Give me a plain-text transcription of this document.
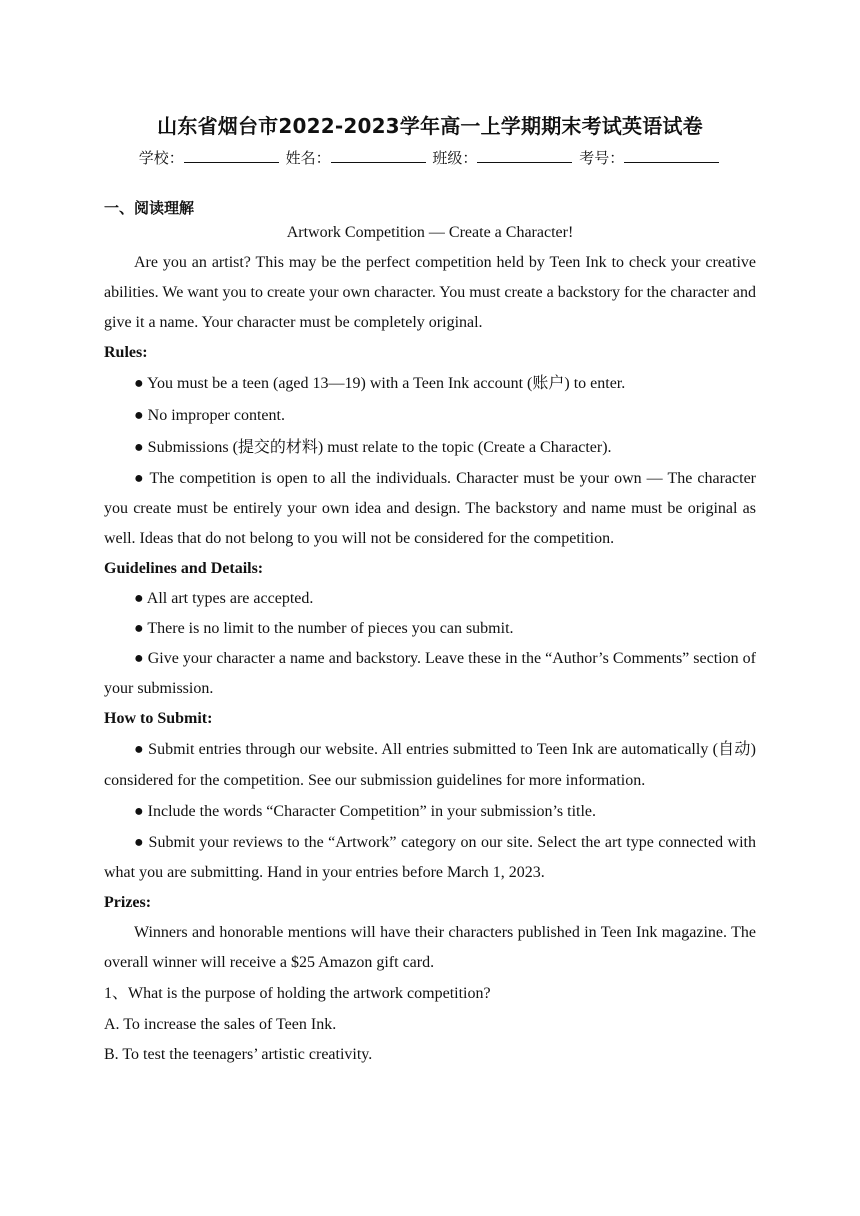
山东省烟台市2022-2023学年高一上学期期末考试英语试卷
学校：	姓名：	班级：	考号：
一、阅读理解

Artwork Competition — Create a Character!

Are you an artist? This may be the perfect competition held by Teen Ink to check your creative abilities. We want you to create your own character. You must create a backstory for the character and give it a name. Your character must be completely original.

Rules:

● You must be a teen (aged 13—19) with a Teen Ink account (账户) to enter.

● No improper content.

● Submissions (提交的材料) must relate to the topic (Create a Character).

● The competition is open to all the individuals. Character must be your own — The character you create must be entirely your own idea and design. The backstory and name must be original as well. Ideas that do not belong to you will not be considered for the competition.

Guidelines and Details:

● All art types are accepted.

● There is no limit to the number of pieces you can submit.

● Give your character a name and backstory. Leave these in the “Author’s Comments” section of your submission.

How to Submit:

● Submit entries through our website. All entries submitted to Teen Ink are automatically (自动) considered for the competition. See our submission guidelines for more information.

● Include the words “Character Competition” in your submission’s title.

● Submit your reviews to the “Artwork” category on our site. Select the art type connected with what you are submitting. Hand in your entries before March 1, 2023.

Prizes:

Winners and honorable mentions will have their characters published in Teen Ink magazine. The overall winner will receive a $25 Amazon gift card.

1、What is the purpose of holding the artwork competition?

A. To increase the sales of Teen Ink.

B. To test the teenagers’ artistic creativity.
